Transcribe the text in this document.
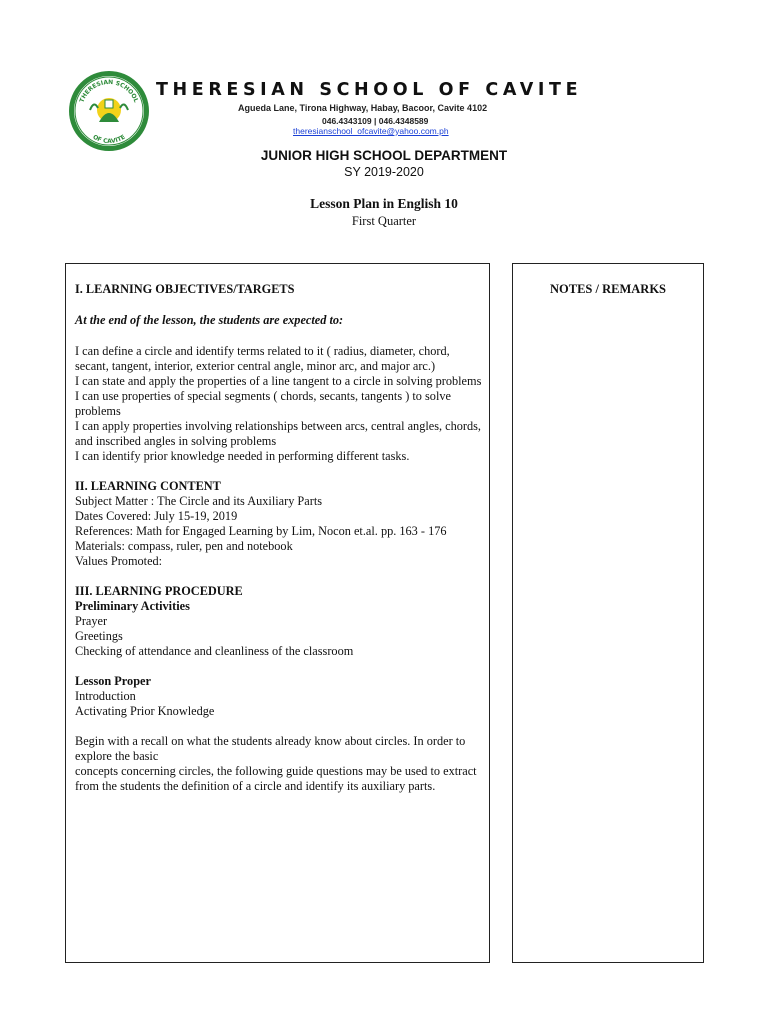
THERESIAN SCHOOL
OF CAVITE
THERESIAN SCHOOL OF CAVITE
Agueda Lane, Tirona Highway, Habay, Bacoor, Cavite 4102
046.4343109 | 046.4348589
theresianschool_ofcavite@yahoo.com.ph
JUNIOR HIGH SCHOOL DEPARTMENT
SY 2019-2020
Lesson Plan in English 10
First Quarter
NOTES / REMARKS

I. LEARNING OBJECTIVES/TARGETS

At the end of the lesson, the students are expected to:

I can define a circle and identify terms related to it ( radius, diameter, chord, secant, tangent, interior, exterior central angle, minor arc, and major arc.)

I can state and apply the properties of a line tangent to a circle in solving problems

I can use properties of special segments ( chords, secants, tangents ) to solve problems

I can apply properties involving relationships between arcs, central angles, chords, and inscribed angles in solving problems

I can identify prior knowledge needed in performing different tasks.

II. LEARNING CONTENT

Subject Matter : The Circle and its Auxiliary Parts

Dates Covered: July 15-19, 2019

References: Math for Engaged Learning by Lim, Nocon et.al. pp. 163 - 176

Materials: compass, ruler, pen and notebook

Values Promoted:

III. LEARNING PROCEDURE

Preliminary Activities

Prayer

Greetings

Checking of attendance and cleanliness of the classroom

Lesson Proper

Introduction

Activating Prior Knowledge

Begin with a recall on what the students already know about circles. In order to explore the basic

concepts concerning circles, the following guide questions may be used to extract from the students the definition of a circle and identify its auxiliary parts.
